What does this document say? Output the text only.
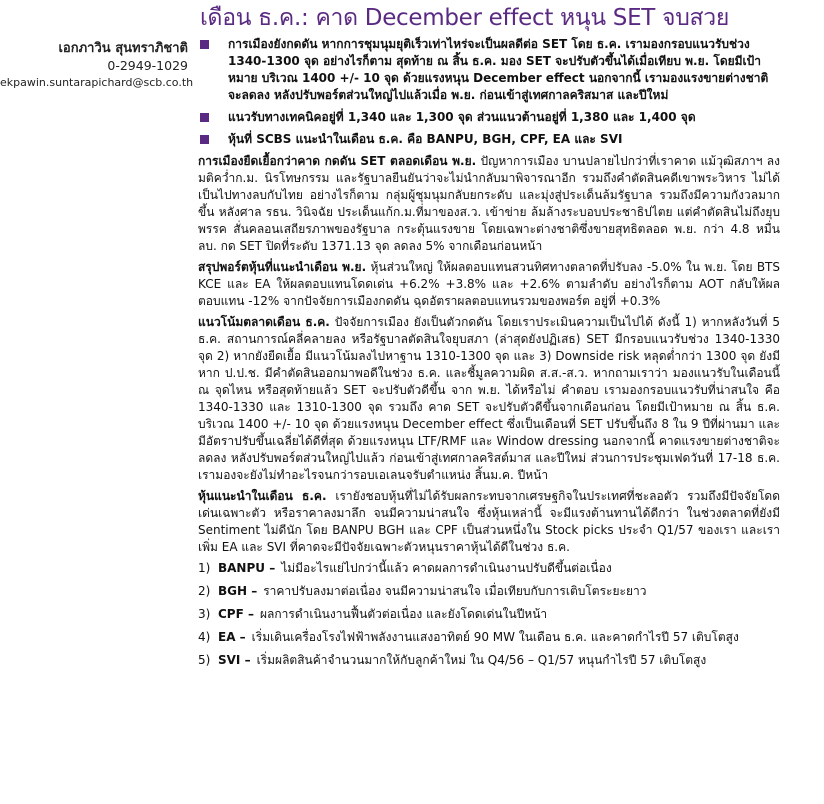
เดือน ธ.ค.: คาด December effect หนุน SET จบสวย
เอกภาวิน สุนทราภิชาติ
0-2949-1029
ekpawin.suntarapichard@scb.co.th
การเมืองยังกดดัน หากการชุมนุมยุติเร็วเท่าไหร่จะเป็นผลดีต่อ SET โดย ธ.ค. เรามองกรอบแนวรับช่วง 1340-1300 จุด อย่างไรก็ตาม สุดท้าย ณ สิ้น ธ.ค. มอง SET จะปรับตัวขึ้นได้เมื่อเทียบ พ.ย. โดยมีเป้าหมาย บริเวณ 1400 +/- 10 จุด ด้วยแรงหนุน December effect นอกจากนี้ เรามองแรงขายต่างชาติจะลดลง หลังปรับพอร์ตส่วนใหญ่ไปแล้วเมื่อ พ.ย. ก่อนเข้าสู่เทศกาลคริสมาส และปีใหม่
แนวรับทางเทคนิคอยู่ที่ 1,340 และ 1,300 จุด ส่วนแนวต้านอยู่ที่ 1,380 และ 1,400 จุด
หุ้นที่ SCBS แนะนำในเดือน ธ.ค. คือ BANPU, BGH, CPF, EA และ SVI

การเมืองยืดเยื้อกว่าคาด กดดัน SET ตลอดเดือน พ.ย. ปัญหาการเมือง บานปลายไปกว่าที่เราคาด แม้วุฒิสภาฯ ลงมติคว่ำก.ม. นิรโทษกรรม และรัฐบาลยืนยันว่าจะไม่นำกลับมาพิจารณาอีก รวมถึงคำตัดสินคดีเขาพระวิหาร ไม่ได้เป็นไปทางลบกับไทย อย่างไรก็ตาม กลุ่มผู้ชุมนุมกลับยกระดับ และมุ่งสู่ประเด็นล้มรัฐบาล รวมถึงมีความกังวลมากขึ้น หลังศาล รธน. วินิจฉัย ประเด็นแก้ก.ม.ที่มาของส.ว. เข้าข่าย ล้มล้างระบอบประชาธิปไตย แต่คำตัดสินไม่ถึงยุบพรรค สั่นคลอนเสถียรภาพของรัฐบาล กระตุ้นแรงขาย โดยเฉพาะต่างชาติซึ่งขายสุทธิตลอด พ.ย. กว่า 4.8 หมื่นลบ. กด SET ปิดที่ระดับ 1371.13 จุด ลดลง 5% จากเดือนก่อนหน้า

สรุปพอร์ตหุ้นที่แนะนำเดือน พ.ย. หุ้นส่วนใหญ่ ให้ผลตอบแทนสวนทิศทางตลาดที่ปรับลง -5.0% ใน พ.ย. โดย BTS KCE และ EA ให้ผลตอบแทนโดดเด่น +6.2% +3.8% และ +2.6% ตามลำดับ อย่างไรก็ตาม AOT กลับให้ผลตอบแทน -12% จากปัจจัยการเมืองกดดัน ฉุดอัตราผลตอบแทนรวมของพอร์ต อยู่ที่ +0.3%

แนวโน้มตลาดเดือน ธ.ค. ปัจจัยการเมือง ยังเป็นตัวกดดัน โดยเราประเมินความเป็นไปได้ ดังนี้ 1) หากหลังวันที่ 5 ธ.ค. สถานการณ์คลี่คลายลง หรือรัฐบาลตัดสินใจยุบสภา (ล่าสุดยังปฏิเสธ) SET มีกรอบแนวรับช่วง 1340-1330 จุด 2) หากยังยืดเยื้อ มีแนวโน้มลงไปหาฐาน 1310-1300 จุด และ 3) Downside risk หลุดต่ำกว่า 1300 จุด ยังมี หาก ป.ป.ช. มีคำตัดสินออกมาพอดีในช่วง ธ.ค. และชี้มูลความผิด ส.ส.-ส.ว. หากถามเราว่า มองแนวรับในเดือนนี้ ณ จุดไหน หรือสุดท้ายแล้ว SET จะปรับตัวดีขึ้น จาก พ.ย. ได้หรือไม่ คำตอบ เรามองกรอบแนวรับที่น่าสนใจ คือ 1340-1330 และ 1310-1300 จุด รวมถึง คาด SET จะปรับตัวดีขึ้นจากเดือนก่อน โดยมีเป้าหมาย ณ สิ้น ธ.ค. บริเวณ 1400 +/- 10 จุด ด้วยแรงหนุน December effect ซึ่งเป็นเดือนที่ SET ปรับขึ้นถึง 8 ใน 9 ปีที่ผ่านมา และมีอัตราปรับขึ้นเฉลี่ยได้ดีที่สุด ด้วยแรงหนุน LTF/RMF และ Window dressing นอกจากนี้ คาดแรงขายต่างชาติจะลดลง หลังปรับพอร์ตส่วนใหญ่ไปแล้ว ก่อนเข้าสู่เทศกาลคริสต์มาส และปีใหม่ ส่วนการประชุมเฟดวันที่ 17-18 ธ.ค. เรามองจะยังไม่ทำอะไรจนกว่ารอบเอเลนจรับตำแหน่ง สิ้นม.ค. ปีหน้า

หุ้นแนะนำในเดือน ธ.ค. เรายังชอบหุ้นที่ไม่ได้รับผลกระทบจากเศรษฐกิจในประเทศที่ชะลอตัว รวมถึงมีปัจจัยโดดเด่นเฉพาะตัว หรือราคาลงมาลึก จนมีความน่าสนใจ ซึ่งหุ้นเหล่านี้ จะมีแรงต้านทานได้ดีกว่า ในช่วงตลาดที่ยังมี Sentiment ไม่ดีนัก โดย BANPU BGH และ CPF เป็นส่วนหนึ่งใน Stock picks ประจำ Q1/57 ของเรา และเราเพิ่ม EA และ SVI ที่คาดจะมีปัจจัยเฉพาะตัวหนุนราคาหุ้นได้ดีในช่วง ธ.ค.

1) BANPU – ไม่มีอะไรแย่ไปกว่านี้แล้ว คาดผลการดำเนินงานปรับดีขึ้นต่อเนื่อง
2) BGH – ราคาปรับลงมาต่อเนื่อง จนมีความน่าสนใจ เมื่อเทียบกับการเติบโตระยะยาว
3) CPF – ผลการดำเนินงานฟื้นตัวต่อเนื่อง และยังโดดเด่นในปีหน้า
4) EA – เริ่มเดินเครื่องโรงไฟฟ้าพลังงานแสงอาทิตย์ 90 MW ในเดือน ธ.ค. และคาดกำไรปี 57 เติบโตสูง
5) SVI – เริ่มผลิตสินค้าจำนวนมากให้กับลูกค้าใหม่ ใน Q4/56 – Q1/57 หนุนกำไรปี 57 เติบโตสูง
